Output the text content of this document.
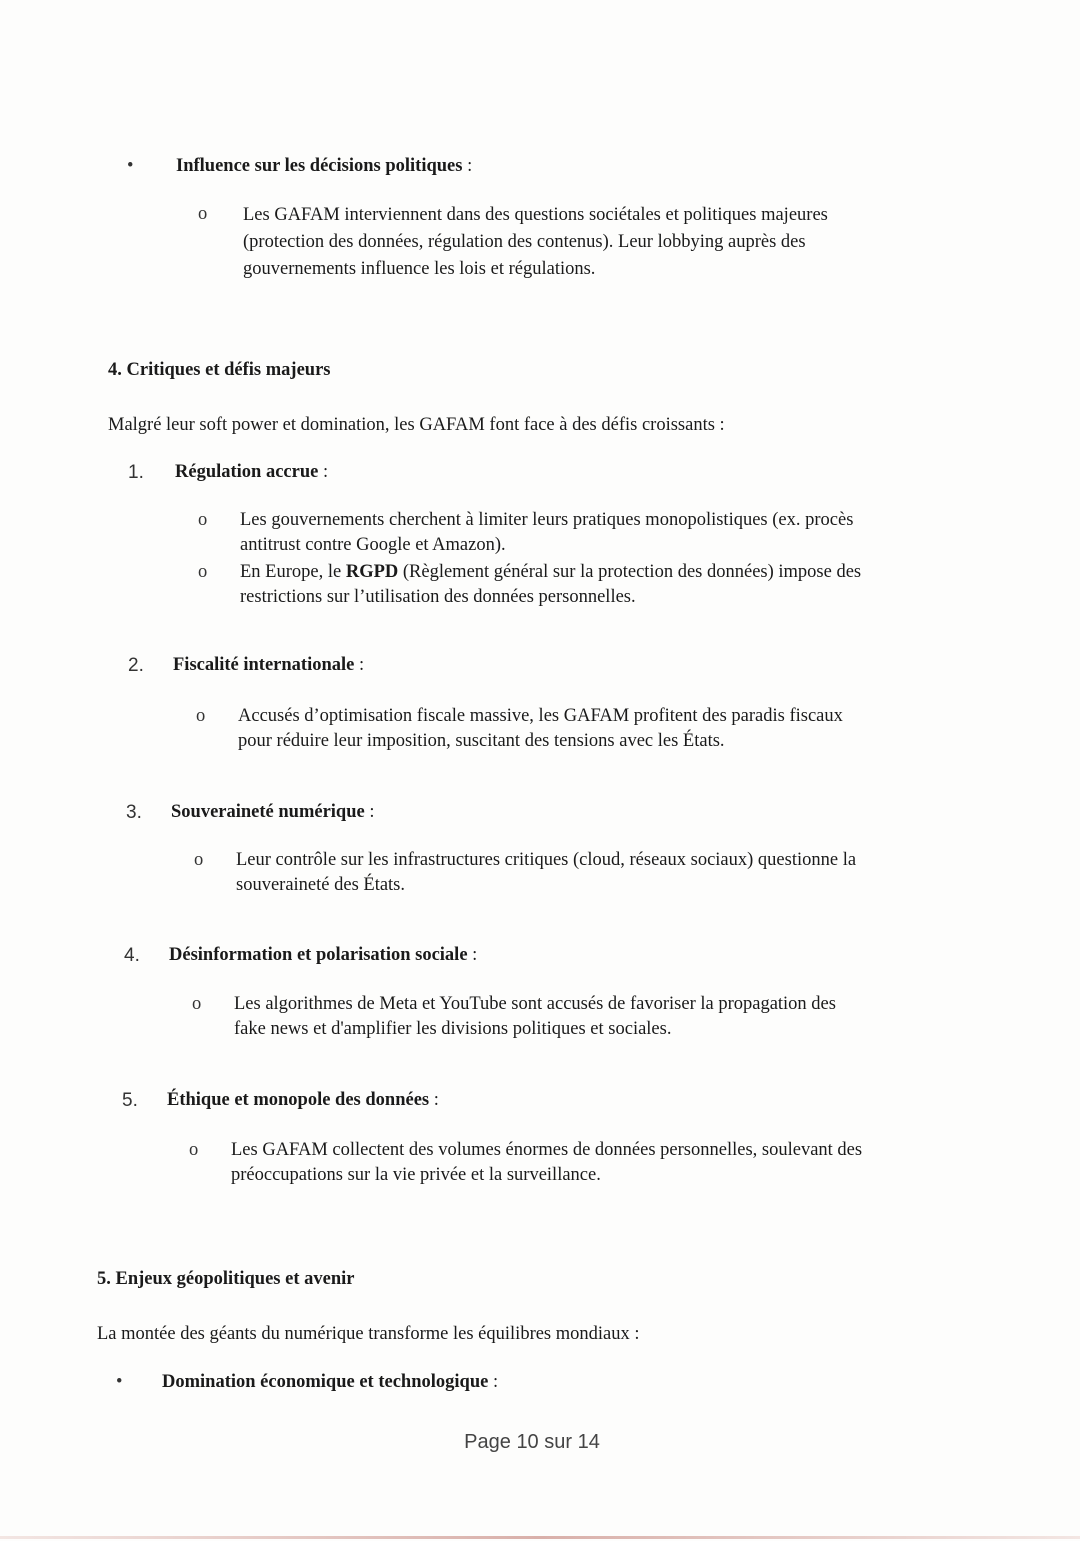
• Influence sur les décisions politiques :
o Les GAFAM interviennent dans des questions sociétales et politiques majeures
(protection des données, régulation des contenus). Leur lobbying auprès des
gouvernements influence les lois et régulations.
4. Critiques et défis majeurs
Malgré leur soft power et domination, les GAFAM font face à des défis croissants :
1. Régulation accrue :
o Les gouvernements cherchent à limiter leurs pratiques monopolistiques (ex. procès
antitrust contre Google et Amazon).
o En Europe, le RGPD (Règlement général sur la protection des données) impose des
restrictions sur l’utilisation des données personnelles.
2. Fiscalité internationale :
o Accusés d’optimisation fiscale massive, les GAFAM profitent des paradis fiscaux
pour réduire leur imposition, suscitant des tensions avec les États.
3. Souveraineté numérique :
o Leur contrôle sur les infrastructures critiques (cloud, réseaux sociaux) questionne la
souveraineté des États.
4. Désinformation et polarisation sociale :
o Les algorithmes de Meta et YouTube sont accusés de favoriser la propagation des
fake news et d'amplifier les divisions politiques et sociales.
5. Éthique et monopole des données :
o Les GAFAM collectent des volumes énormes de données personnelles, soulevant des
préoccupations sur la vie privée et la surveillance.
5. Enjeux géopolitiques et avenir
La montée des géants du numérique transforme les équilibres mondiaux :
• Domination économique et technologique :
Page 10 sur 14
